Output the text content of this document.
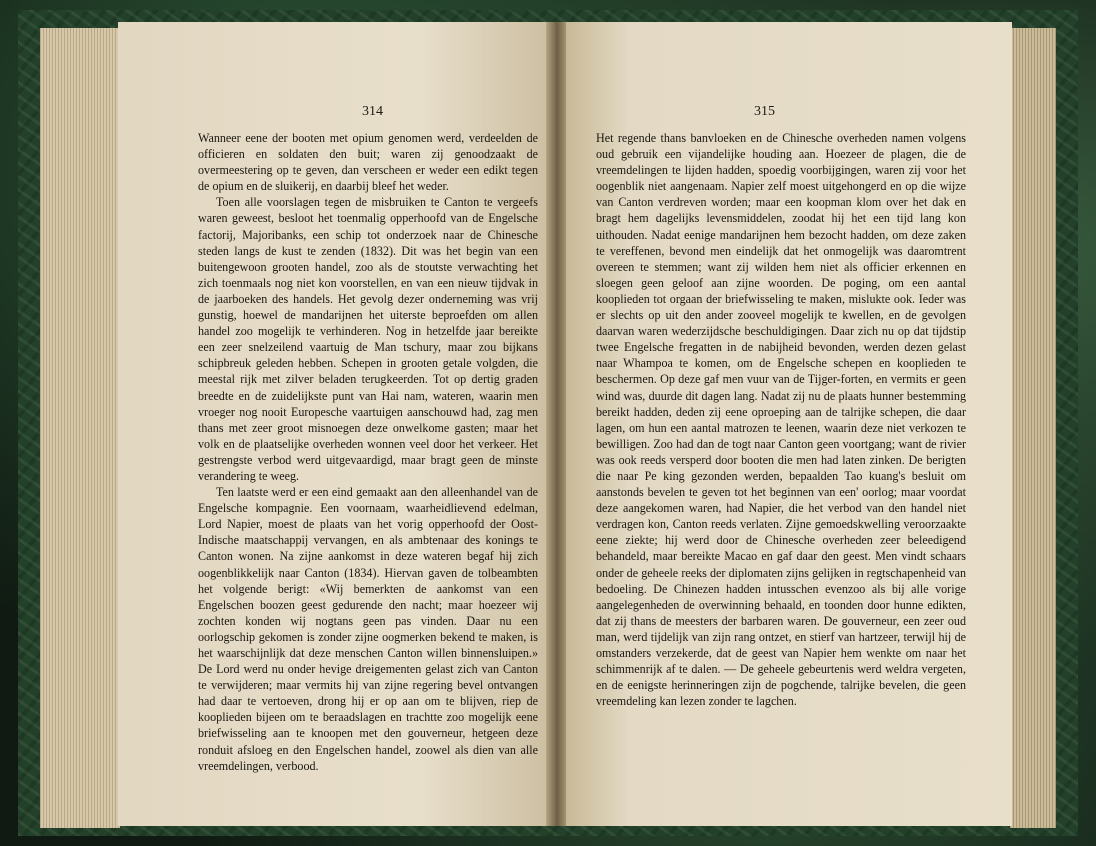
314

Wanneer eene der booten met opium genomen werd, verdeelden de officieren en soldaten den buit; waren zij genoodzaakt de overmeestering op te geven, dan verscheen er weder een edikt tegen de opium en de sluikerij, en daarbij bleef het weder.

Toen alle voorslagen tegen de misbruiken te Canton te vergeefs waren geweest, besloot het toenmalig opperhoofd van de Engelsche factorij, Majoribanks, een schip tot onderzoek naar de Chinesche steden langs de kust te zenden (1832). Dit was het begin van een buitengewoon grooten handel, zoo als de stoutste verwachting het zich toenmaals nog niet kon voorstellen, en van een nieuw tijdvak in de jaarboeken des handels. Het gevolg dezer onderneming was vrij gunstig, hoewel de mandarijnen het uiterste beproefden om allen handel zoo mogelijk te verhinderen. Nog in hetzelfde jaar bereikte een zeer snelzeilend vaartuig de Man tschury, maar zou bijkans schipbreuk geleden hebben. Schepen in grooten getale volgden, die meestal rijk met zilver beladen terugkeerden. Tot op dertig graden breedte en de zuidelijkste punt van Hai nam, wateren, waarin men vroeger nog nooit Europesche vaartuigen aanschouwd had, zag men thans met zeer groot misnoegen deze onwelkome gasten; maar het volk en de plaatselijke overheden wonnen veel door het verkeer. Het gestrengste verbod werd uitgevaardigd, maar bragt geen de minste verandering te weeg.

Ten laatste werd er een eind gemaakt aan den alleenhandel van de Engelsche kompagnie. Een voornaam, waarheidlievend edelman, Lord Napier, moest de plaats van het vorig opperhoofd der Oost-Indische maatschappij vervangen, en als ambtenaar des konings te Canton wonen. Na zijne aankomst in deze wateren begaf hij zich oogenblikkelijk naar Canton (1834). Hiervan gaven de tolbeambten het volgende berigt: «Wij bemerkten de aankomst van een Engelschen boozen geest gedurende den nacht; maar hoezeer wij zochten konden wij nogtans geen pas vinden. Daar nu een oorlogschip gekomen is zonder zijne oogmerken bekend te maken, is het waarschijnlijk dat deze menschen Canton willen binnensluipen.» De Lord werd nu onder hevige dreigementen gelast zich van Canton te verwijderen; maar vermits hij van zijne regering bevel ontvangen had daar te vertoeven, drong hij er op aan om te blijven, riep de kooplieden bijeen om te beraadslagen en trachtte zoo mogelijk eene briefwisseling aan te knoopen met den gouverneur, hetgeen deze ronduit afsloeg en den Engelschen handel, zoowel als dien van alle vreemdelingen, verbood.

315

Het regende thans banvloeken en de Chinesche overheden namen volgens oud gebruik een vijandelijke houding aan. Hoezeer de plagen, die de vreemdelingen te lijden hadden, spoedig voorbijgingen, waren zij voor het oogenblik niet aangenaam. Napier zelf moest uitgehongerd en op die wijze van Canton verdreven worden; maar een koopman klom over het dak en bragt hem dagelijks levensmiddelen, zoodat hij het een tijd lang kon uithouden. Nadat eenige mandarijnen hem bezocht hadden, om deze zaken te vereffenen, bevond men eindelijk dat het onmogelijk was daaromtrent overeen te stemmen; want zij wilden hem niet als officier erkennen en sloegen geen geloof aan zijne woorden. De poging, om een aantal kooplieden tot orgaan der briefwisseling te maken, mislukte ook. Ieder was er slechts op uit den ander zooveel mogelijk te kwellen, en de gevolgen daarvan waren wederzijdsche beschuldigingen. Daar zich nu op dat tijdstip twee Engelsche fregatten in de nabijheid bevonden, werden dezen gelast naar Whampoa te komen, om de Engelsche schepen en kooplieden te beschermen. Op deze gaf men vuur van de Tijger-forten, en vermits er geen wind was, duurde dit dagen lang. Nadat zij nu de plaats hunner bestemming bereikt hadden, deden zij eene oproeping aan de talrijke schepen, die daar lagen, om hun een aantal matrozen te leenen, waarin deze niet verkozen te bewilligen. Zoo had dan de togt naar Canton geen voortgang; want de rivier was ook reeds versperd door booten die men had laten zinken. De berigten die naar Pe king gezonden werden, bepaalden Tao kuang's besluit om aanstonds bevelen te geven tot het beginnen van een' oorlog; maar voordat deze aangekomen waren, had Napier, die het verbod van den handel niet verdragen kon, Canton reeds verlaten. Zijne gemoedskwelling veroorzaakte eene ziekte; hij werd door de Chinesche overheden zeer beleedigend behandeld, maar bereikte Macao en gaf daar den geest. Men vindt schaars onder de geheele reeks der diplomaten zijns gelijken in regtschapenheid van bedoeling. De Chinezen hadden intusschen evenzoo als bij alle vorige aangelegenheden de overwinning behaald, en toonden door hunne edikten, dat zij thans de meesters der barbaren waren. De gouverneur, een zeer oud man, werd tijdelijk van zijn rang ontzet, en stierf van hartzeer, terwijl hij de omstanders verzekerde, dat de geest van Napier hem wenkte om naar het schimmenrijk af te dalen. — De geheele gebeurtenis werd weldra vergeten, en de eenigste herinneringen zijn de pogchende, talrijke bevelen, die geen vreemdeling kan lezen zonder te lagchen.
